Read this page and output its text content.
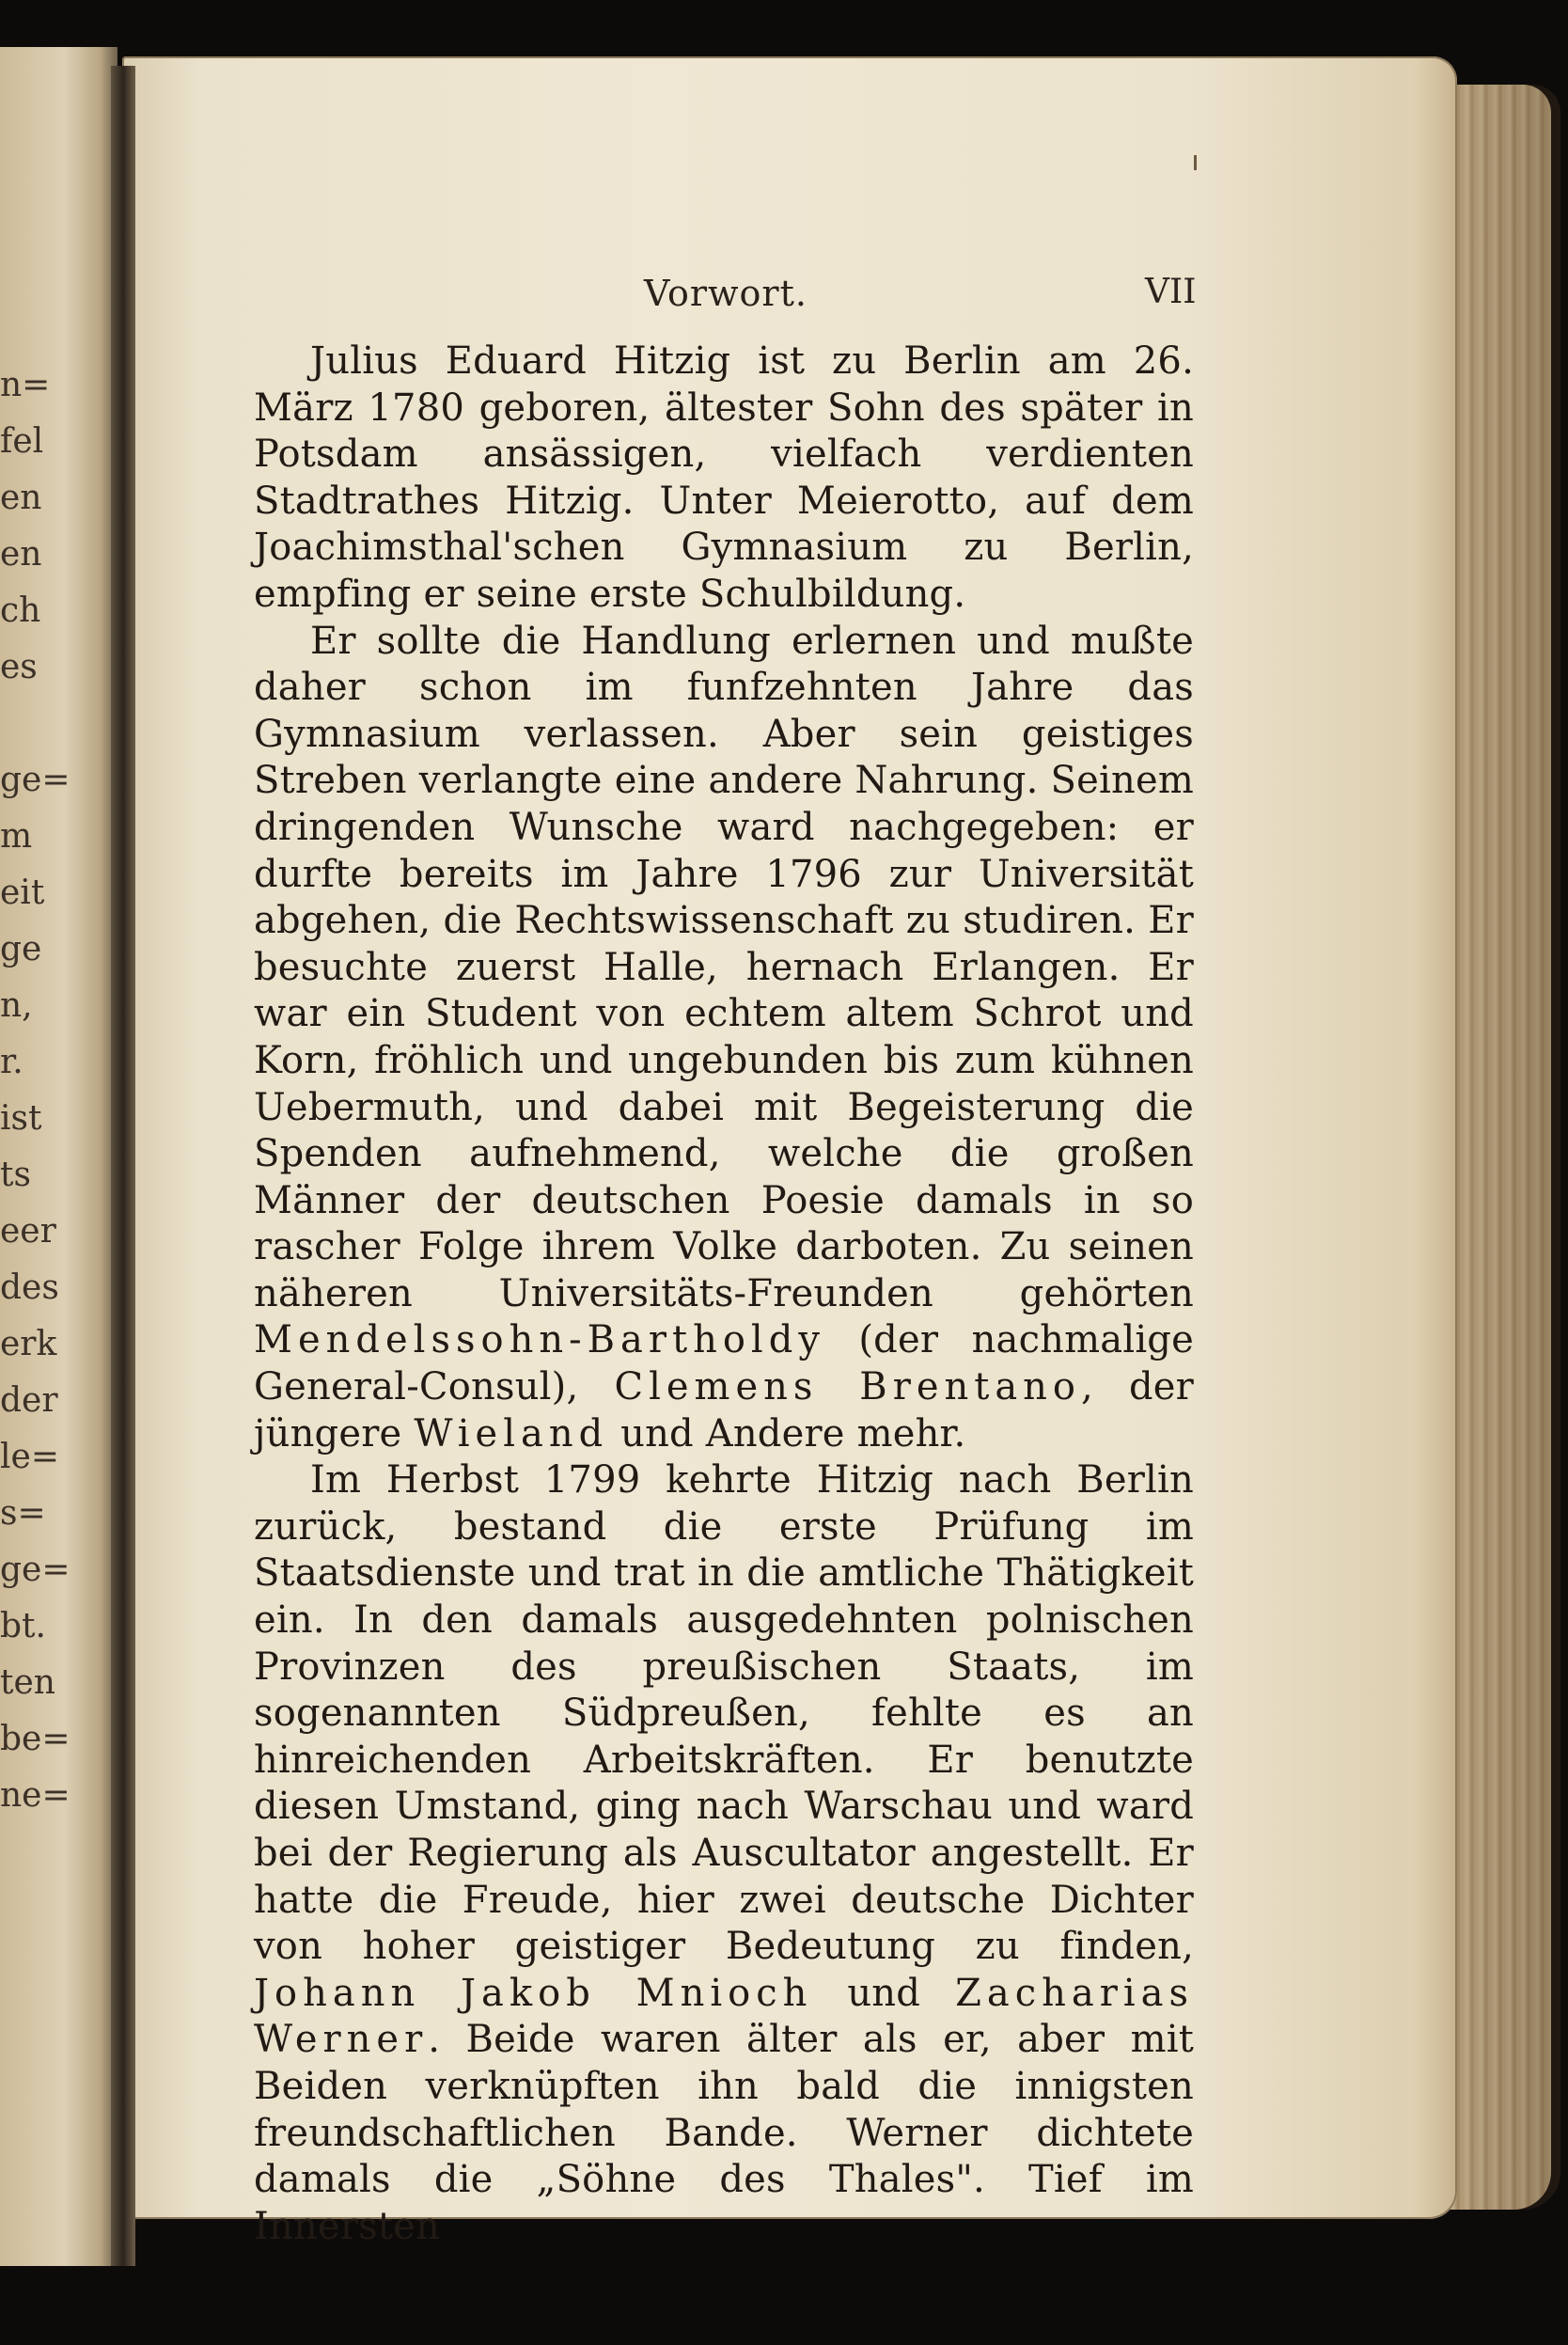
n=
fel
en
en
ch
es
ge=
m
eit
ge
n,
r.
ist
ts
eer
des
erk
der
le=
s=
ge=
bt.
ten
be=
ne=
Vorwort.	VII

Julius Eduard Hitzig ist zu Berlin am 26. März 1780 geboren, ältester Sohn des später in Potsdam ansässigen, vielfach verdienten Stadtrathes Hitzig. Unter Meierotto, auf dem Joachimsthal'schen Gymnasium zu Berlin, empfing er seine erste Schulbildung.

Er sollte die Handlung erlernen und mußte daher schon im funfzehnten Jahre das Gymnasium verlassen. Aber sein geistiges Streben verlangte eine andere Nahrung. Seinem dringenden Wunsche ward nachgegeben: er durfte bereits im Jahre 1796 zur Universität abgehen, die Rechtswissenschaft zu studiren. Er besuchte zuerst Halle, hernach Erlangen. Er war ein Student von echtem altem Schrot und Korn, fröhlich und ungebunden bis zum kühnen Uebermuth, und dabei mit Begeisterung die Spenden aufnehmend, welche die großen Männer der deutschen Poesie damals in so rascher Folge ihrem Volke darboten. Zu seinen näheren Universitäts-Freunden gehörten Mendelssohn-Bartholdy (der nachmalige General-Consul), Clemens Brentano, der jüngere Wieland und Andere mehr.

Im Herbst 1799 kehrte Hitzig nach Berlin zurück, bestand die erste Prüfung im Staatsdienste und trat in die amtliche Thätigkeit ein. In den damals ausgedehnten polnischen Provinzen des preußischen Staats, im sogenannten Südpreußen, fehlte es an hinreichenden Arbeitskräften. Er benutzte diesen Umstand, ging nach Warschau und ward bei der Regierung als Auscultator angestellt. Er hatte die Freude, hier zwei deutsche Dichter von hoher geistiger Bedeutung zu finden, Johann Jakob Mnioch und Zacharias Werner. Beide waren älter als er, aber mit Beiden verknüpften ihn bald die innigsten freundschaftlichen Bande. Werner dichtete damals die „Söhne des Thales". Tief im Innersten
